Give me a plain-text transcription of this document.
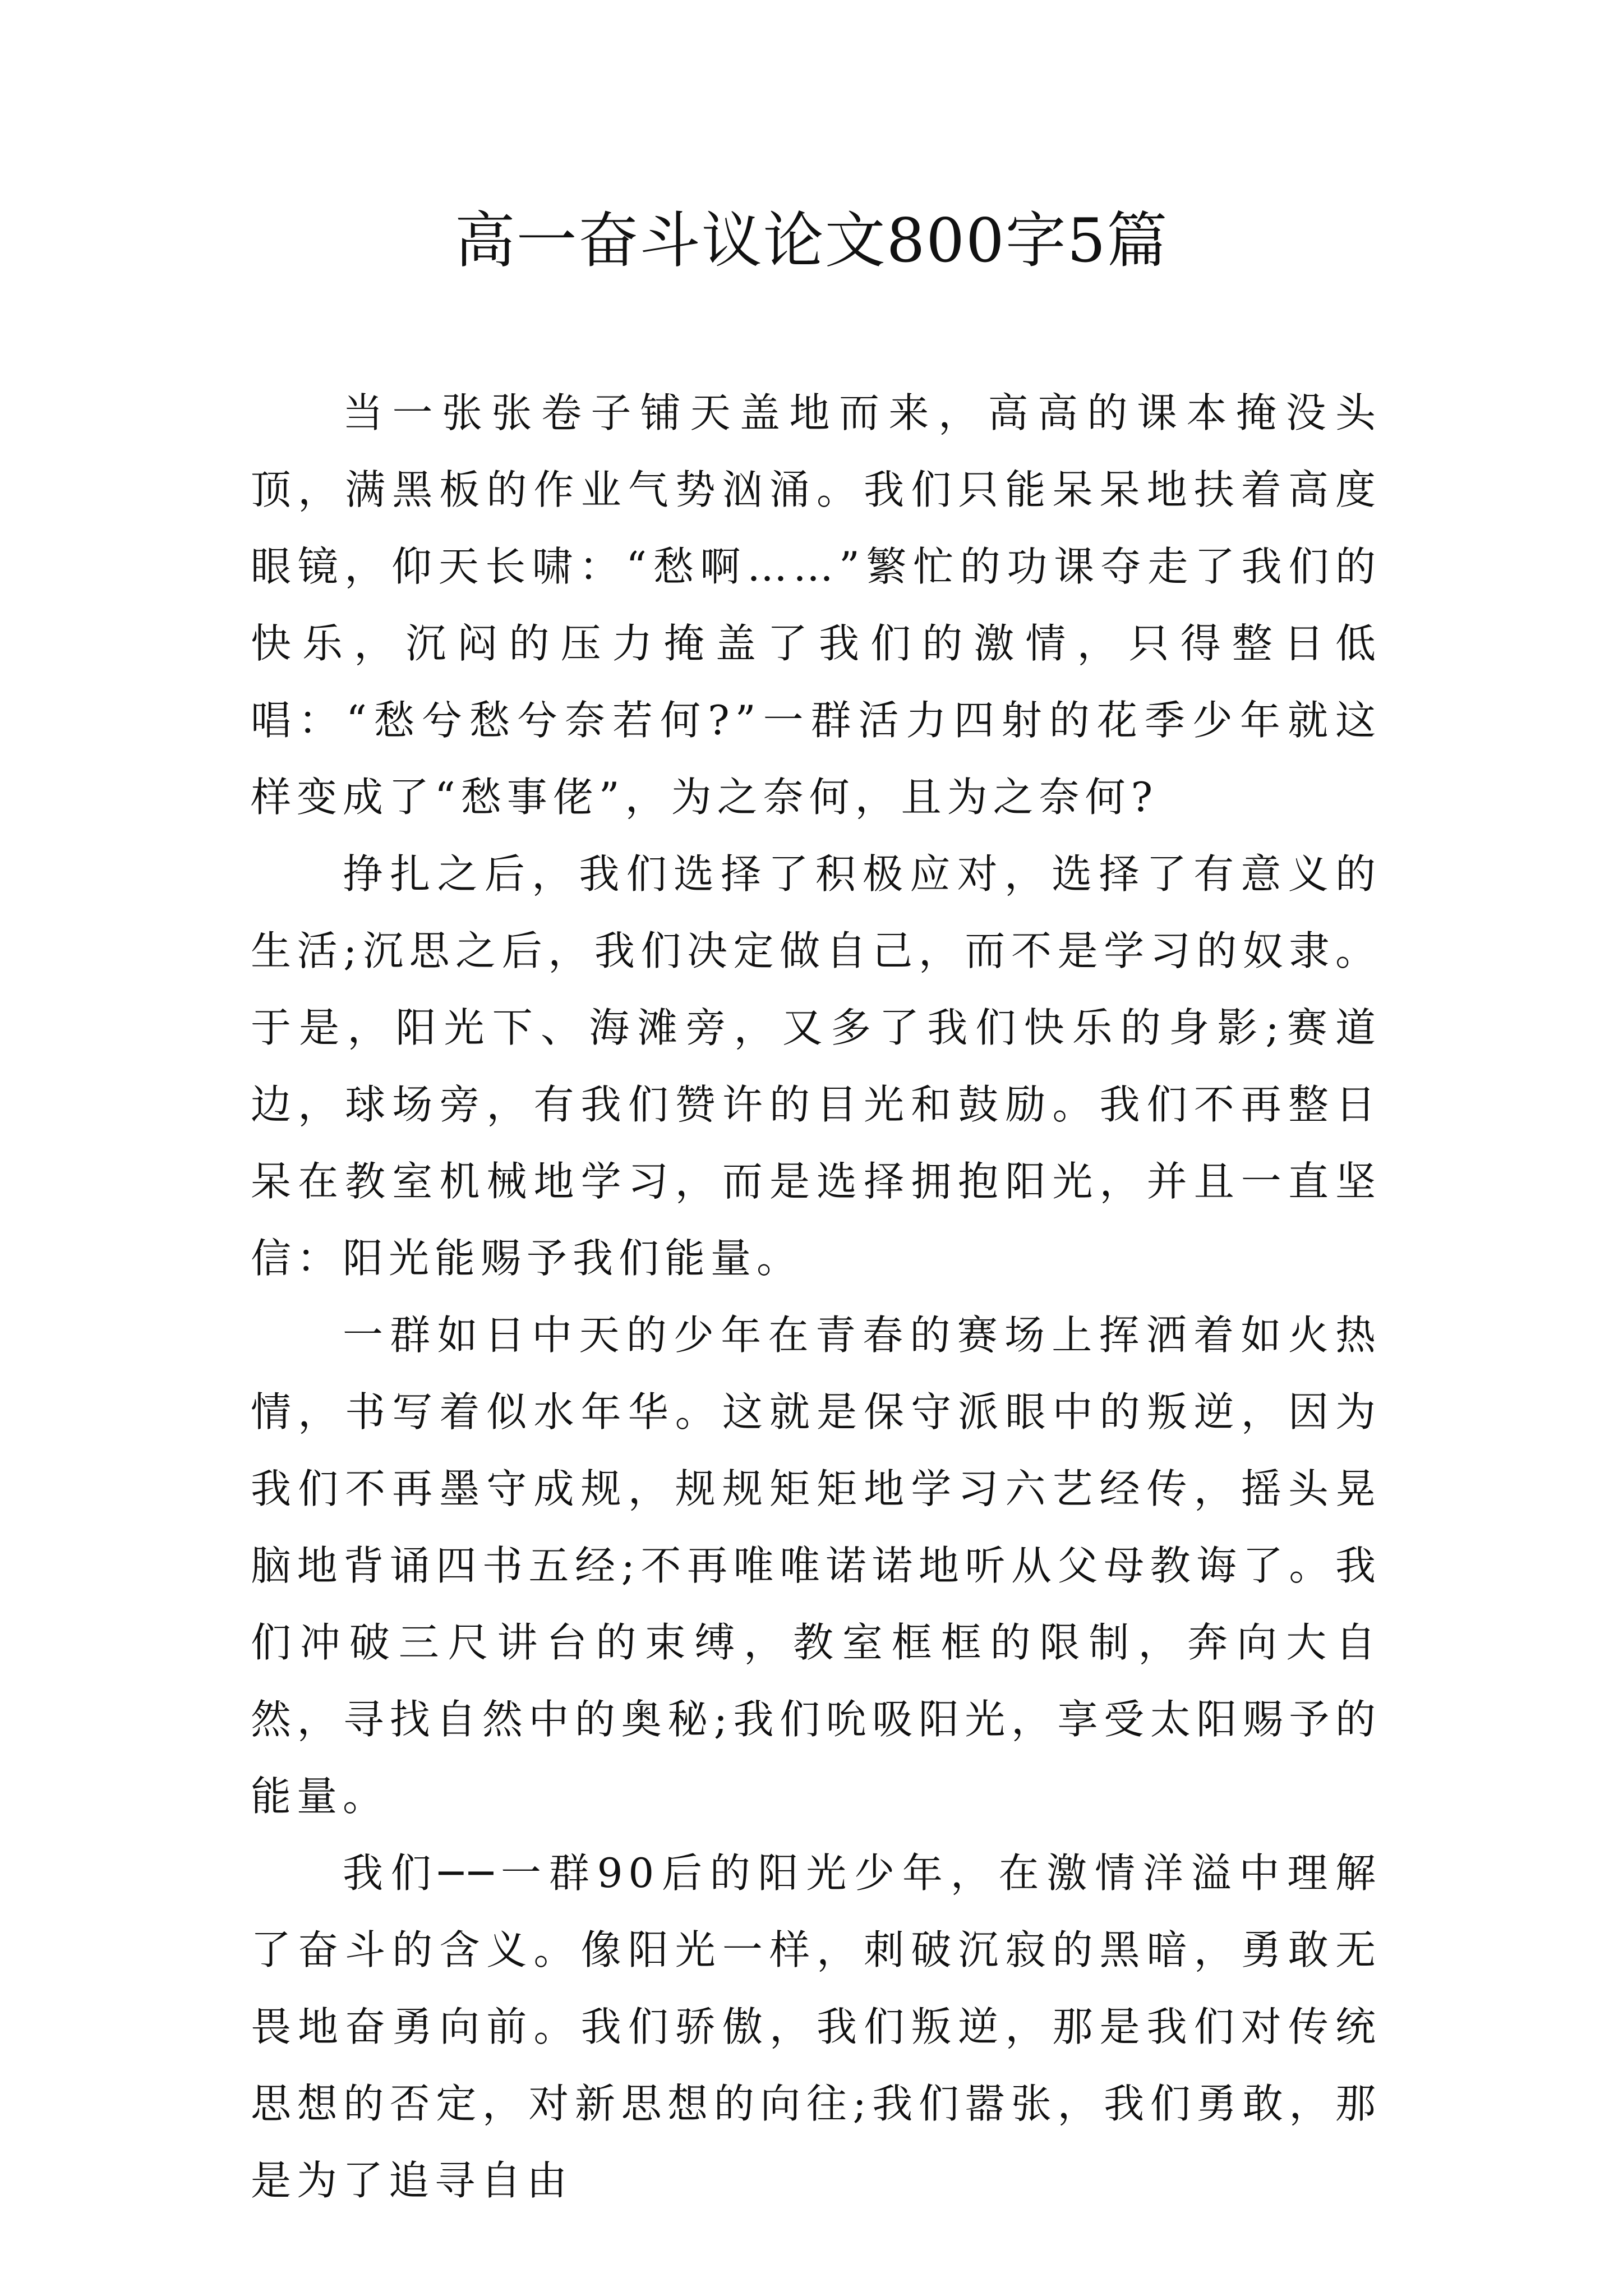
高一奋斗议论文800字5篇

当一张张卷子铺天盖地而来，高高的课本掩没头顶，满黑板的作业气势汹涌。我们只能呆呆地扶着高度眼镜，仰天长啸：“愁啊……”繁忙的功课夺走了我们的快乐，沉闷的压力掩盖了我们的激情，只得整日低唱：“愁兮愁兮奈若何?”一群活力四射的花季少年就这样变成了“愁事佬”，为之奈何，且为之奈何?

挣扎之后，我们选择了积极应对，选择了有意义的生活;沉思之后，我们决定做自己，而不是学习的奴隶。于是，阳光下、海滩旁，又多了我们快乐的身影;赛道边，球场旁，有我们赞许的目光和鼓励。我们不再整日呆在教室机械地学习，而是选择拥抱阳光，并且一直坚信：阳光能赐予我们能量。

一群如日中天的少年在青春的赛场上挥洒着如火热情，书写着似水年华。这就是保守派眼中的叛逆，因为我们不再墨守成规，规规矩矩地学习六艺经传，摇头晃脑地背诵四书五经;不再唯唯诺诺地听从父母教诲了。我们冲破三尺讲台的束缚，教室框框的限制，奔向大自然，寻找自然中的奥秘;我们吮吸阳光，享受太阳赐予的能量。

我们──一群90后的阳光少年，在激情洋溢中理解了奋斗的含义。像阳光一样，刺破沉寂的黑暗，勇敢无畏地奋勇向前。我们骄傲，我们叛逆，那是我们对传统思想的否定，对新思想的向往;我们嚣张，我们勇敢，那是为了追寻自由
